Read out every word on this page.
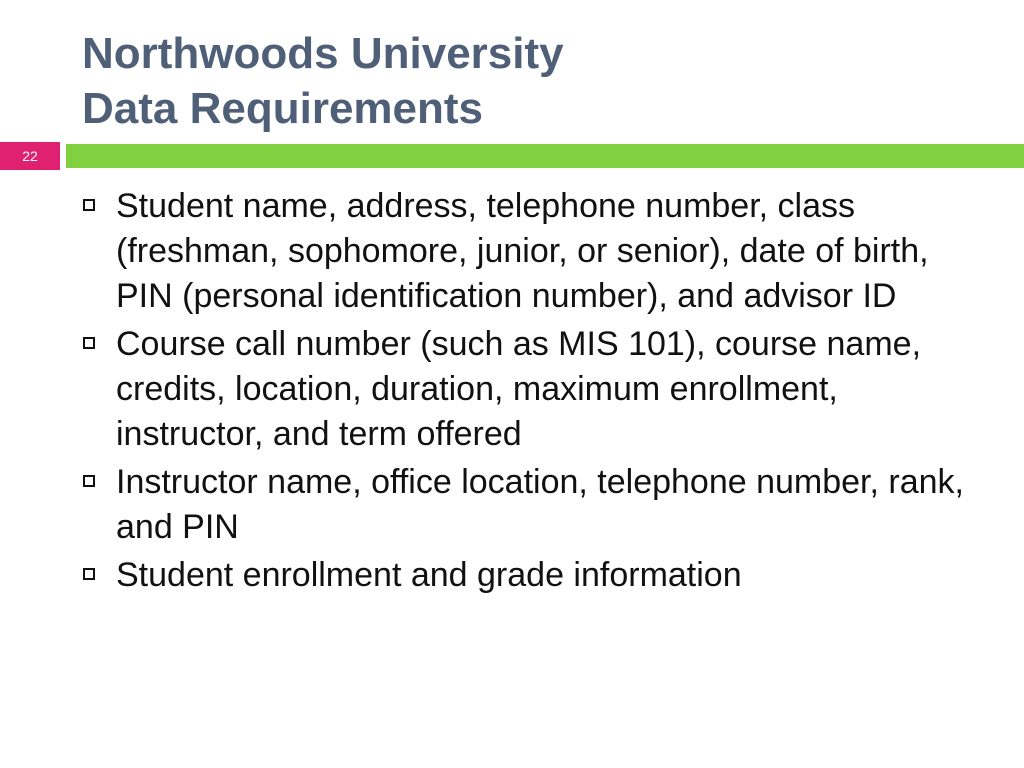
Northwoods University
Data Requirements
22
Student name, address, telephone number, class (freshman, sophomore, junior, or senior), date of birth, PIN (personal identification number), and advisor ID
Course call number (such as MIS 101), course name, credits, location, duration, maximum enrollment, instructor, and term offered
Instructor name, office location, telephone number, rank, and PIN
Student enrollment and grade information
